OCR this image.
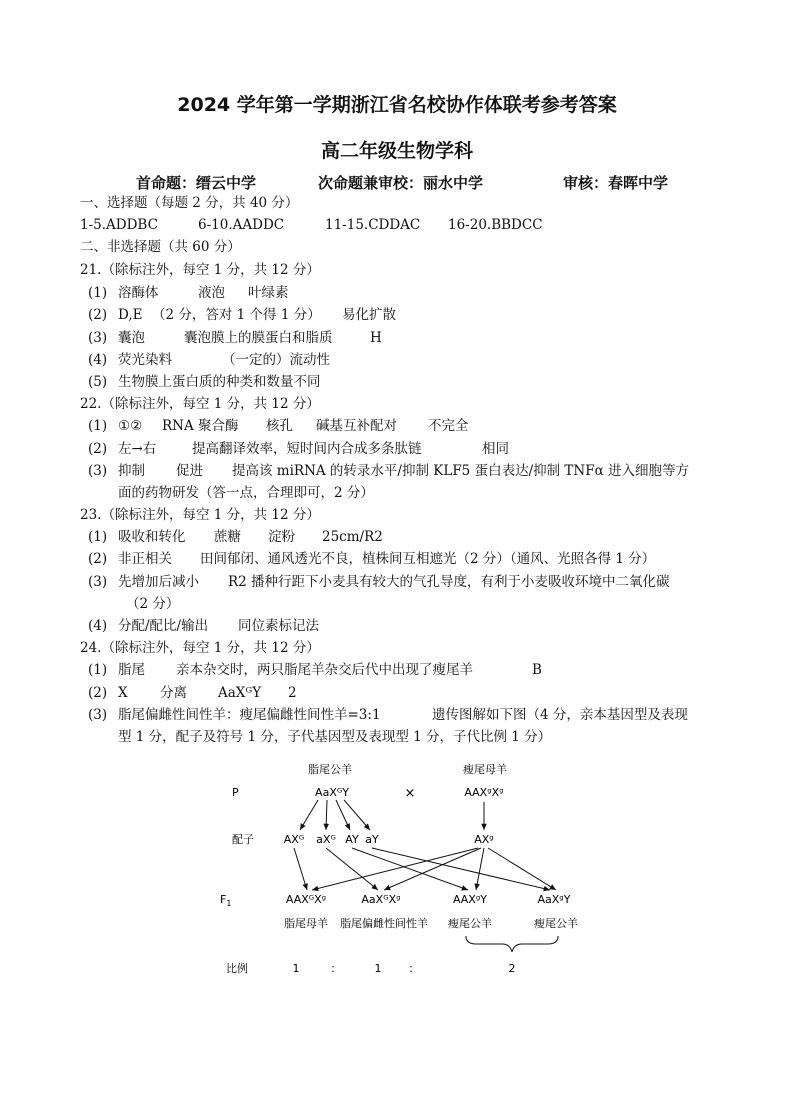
2024 学年第一学期浙江省名校协作体联考参考答案
高二年级生物学科
首命题：缙云中学	次命题兼审校：丽水中学	审核：春晖中学
一、选择题（每题 2 分，共 40 分）
1-5.ADDBC	6-10.AADDC	11-15.CDDAC 16-20.BBDCC
二、非选择题（共 60 分）
21.（除标注外，每空 1 分，共 12 分）
(1) 溶酶体	液泡 叶绿素
(2) D,E （2 分，答对 1 个得 1 分） 易化扩散
(3) 囊泡	囊泡膜上的膜蛋白和脂质	H
(4) 荧光染料	（一定的）流动性
(5) 生物膜上蛋白质的种类和数量不同
22.（除标注外，每空 1 分，共 12 分）
(1) ①② RNA 聚合酶 核孔 碱基互补配对 不完全
(2) 左→右	提高翻译效率，短时间内合成多条肽链	相同
(3) 抑制 促进 提高该 miRNA 的转录水平/抑制 KLF5 蛋白表达/抑制 TNFα 进入细胞等方
面的药物研发（答一点，合理即可，2 分）
23.（除标注外，每空 1 分，共 12 分）
(1) 吸收和转化 蔗糖 淀粉 25cm/R2
(2) 非正相关 田间郁闭、通风透光不良，植株间互相遮光（2 分）（通风、光照各得 1 分）
(3) 先增加后减小 R2 播种行距下小麦具有较大的气孔导度，有利于小麦吸收环境中二氧化碳
（2 分）
(4) 分配/配比/输出 同位素标记法
24.（除标注外，每空 1 分，共 12 分）
(1) 脂尾 亲本杂交时，两只脂尾羊杂交后代中出现了瘦尾羊	B
(2) X 分离 AaXᴳY 2
(3) 脂尾偏雌性间性羊：瘦尾偏雌性间性羊=3:1	遗传图解如下图（4 分，亲本基因型及表现
型 1 分，配子及符号 1 分，子代基因型及表现型 1 分，子代比例 1 分）
脂尾公羊	瘦尾母羊
P	AaXᴳY	×	AAXᵍXᵍ
配子	AXᴳ aXᴳ AY aY	AXᵍ
$F_1$	AAXᴳXᵍ	AaXᴳXᵍ	AAXᵍY	AaXᵍY
脂尾母羊 脂尾偏雌性间性羊 瘦尾公羊	瘦尾公羊
比例	1	：	1 ：	2
